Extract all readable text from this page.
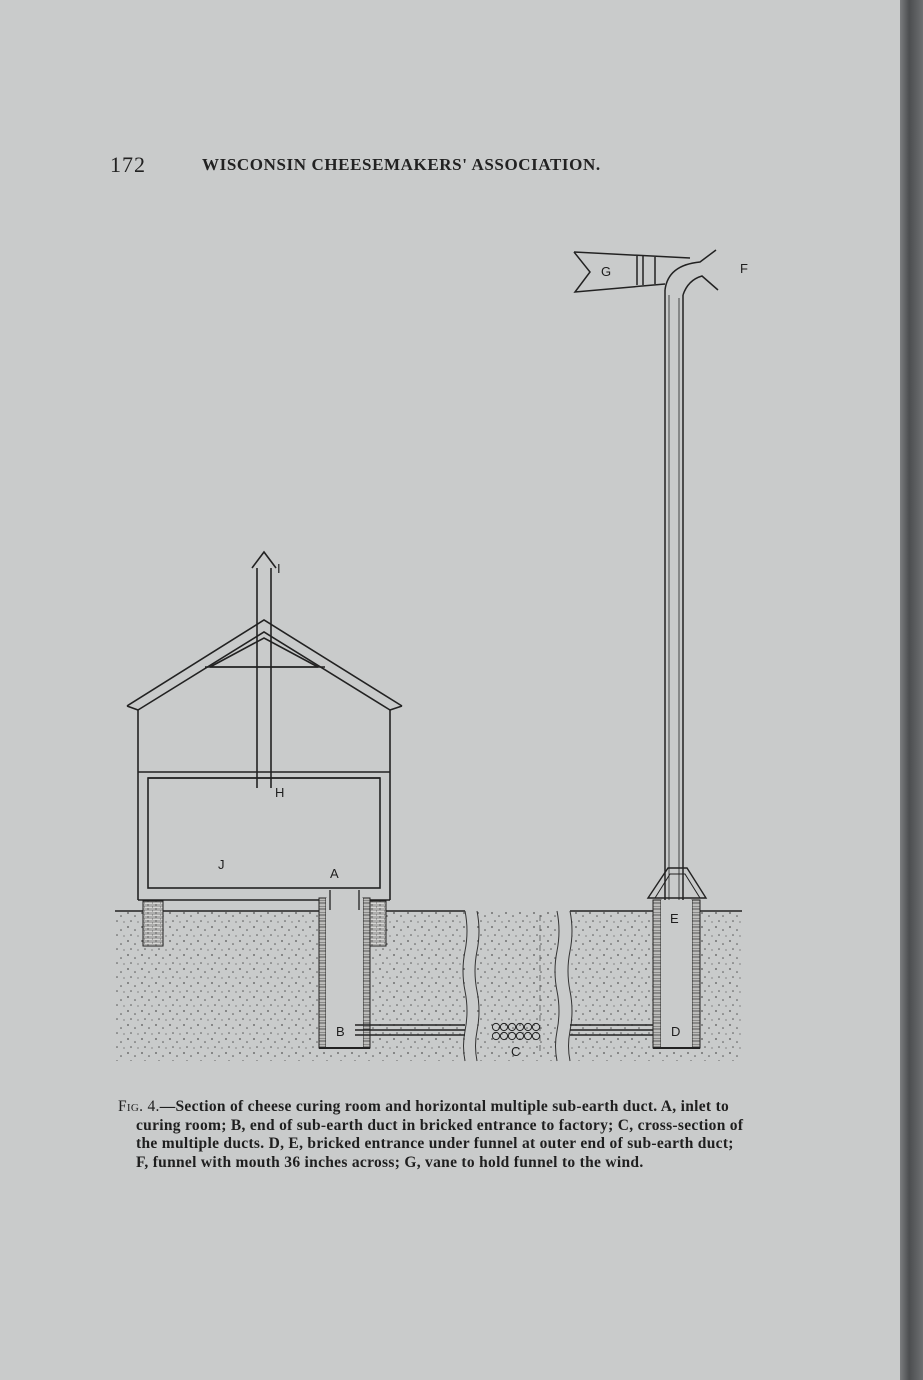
172	WISCONSIN CHEESEMAKERS' ASSOCIATION.
I
H
J
A
B
C
D
E
F
G

Fig. 4.—Section of cheese curing room and horizontal multiple sub-earth duct. A, inlet to curing room; B, end of sub-earth duct in bricked entrance to factory; C, cross-section of the multiple ducts. D, E, bricked entrance under funnel at outer end of sub-earth duct; F, funnel with mouth 36 inches across; G, vane to hold funnel to the wind.
